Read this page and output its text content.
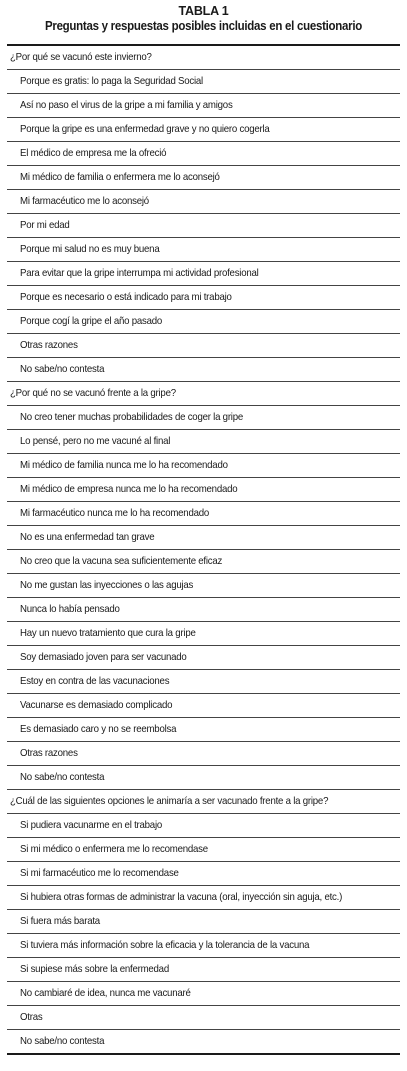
TABLA 1
Preguntas y respuestas posibles incluidas en el cuestionario
¿Por qué se vacunó este invierno?
Porque es gratis: lo paga la Seguridad Social
Así no paso el virus de la gripe a mi familia y amigos
Porque la gripe es una enfermedad grave y no quiero cogerla
El médico de empresa me la ofreció
Mi médico de familia o enfermera me lo aconsejó
Mi farmacéutico me lo aconsejó
Por mi edad
Porque mi salud no es muy buena
Para evitar que la gripe interrumpa mi actividad profesional
Porque es necesario o está indicado para mi trabajo
Porque cogí la gripe el año pasado
Otras razones
No sabe/no contesta
¿Por qué no se vacunó frente a la gripe?
No creo tener muchas probabilidades de coger la gripe
Lo pensé, pero no me vacuné al final
Mi médico de familia nunca me lo ha recomendado
Mi médico de empresa nunca me lo ha recomendado
Mi farmacéutico nunca me lo ha recomendado
No es una enfermedad tan grave
No creo que la vacuna sea suficientemente eficaz
No me gustan las inyecciones o las agujas
Nunca lo había pensado
Hay un nuevo tratamiento que cura la gripe
Soy demasiado joven para ser vacunado
Estoy en contra de las vacunaciones
Vacunarse es demasiado complicado
Es demasiado caro y no se reembolsa
Otras razones
No sabe/no contesta
¿Cuál de las siguientes opciones le animaría a ser vacunado frente a la gripe?
Si pudiera vacunarme en el trabajo
Si mi médico o enfermera me lo recomendase
Si mi farmacéutico me lo recomendase
Si hubiera otras formas de administrar la vacuna (oral, inyección sin aguja, etc.)
Si fuera más barata
Si tuviera más información sobre la eficacia y la tolerancia de la vacuna
Si supiese más sobre la enfermedad
No cambiaré de idea, nunca me vacunaré
Otras
No sabe/no contesta
